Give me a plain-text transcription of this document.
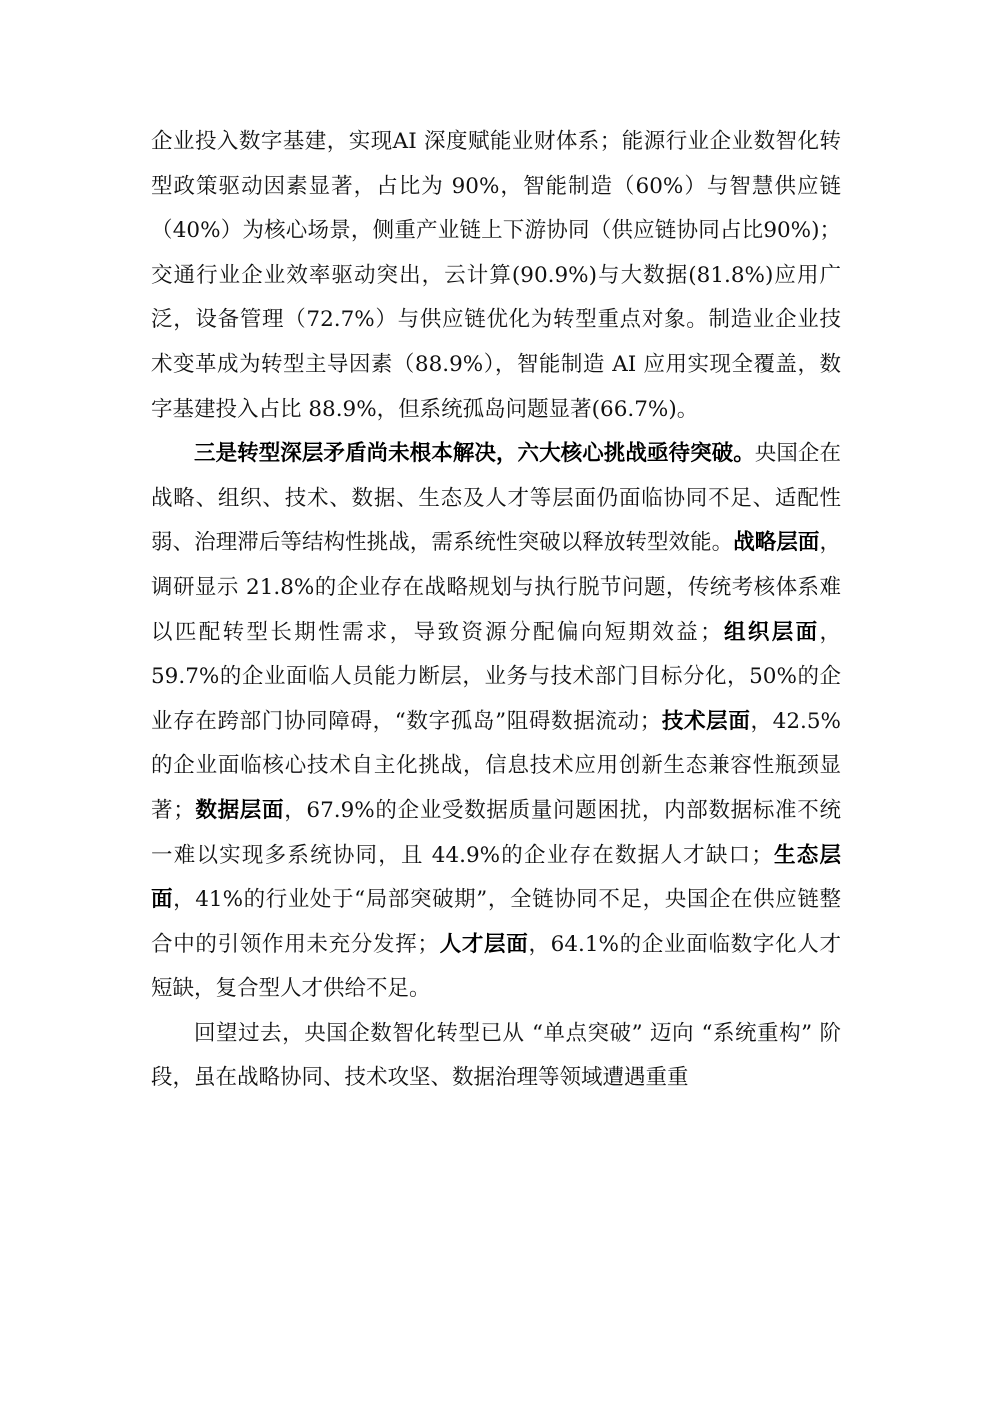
企业投入数字基建，实现AI 深度赋能业财体系；能源行业企业数智化转型政策驱动因素显著，占比为 90%，智能制造（60%）与智慧供应链（40%）为核心场景，侧重产业链上下游协同（供应链协同占比90%)；交通行业企业效率驱动突出，云计算(90.9%)与大数据(81.8%)应用广泛，设备管理（72.7%）与供应链优化为转型重点对象。制造业企业技术变革成为转型主导因素（88.9%），智能制造 AI 应用实现全覆盖，数字基建投入占比 88.9%，但系统孤岛问题显著(66.7%)。

三是转型深层矛盾尚未根本解决，六大核心挑战亟待突破。央国企在战略、组织、技术、数据、生态及人才等层面仍面临协同不足、适配性弱、治理滞后等结构性挑战，需系统性突破以释放转型效能。战略层面，调研显示 21.8%的企业存在战略规划与执行脱节问题，传统考核体系难以匹配转型长期性需求，导致资源分配偏向短期效益；组织层面，59.7%的企业面临人员能力断层，业务与技术部门目标分化，50%的企业存在跨部门协同障碍，“数字孤岛”阻碍数据流动；技术层面，42.5%的企业面临核心技术自主化挑战，信息技术应用创新生态兼容性瓶颈显著；数据层面，67.9%的企业受数据质量问题困扰，内部数据标准不统一难以实现多系统协同，且 44.9%的企业存在数据人才缺口；生态层面，41%的行业处于“局部突破期”，全链协同不足，央国企在供应链整合中的引领作用未充分发挥；人才层面，64.1%的企业面临数字化人才短缺，复合型人才供给不足。

回望过去，央国企数智化转型已从 “单点突破” 迈向 “系统重构” 阶段，虽在战略协同、技术攻坚、数据治理等领域遭遇重重
